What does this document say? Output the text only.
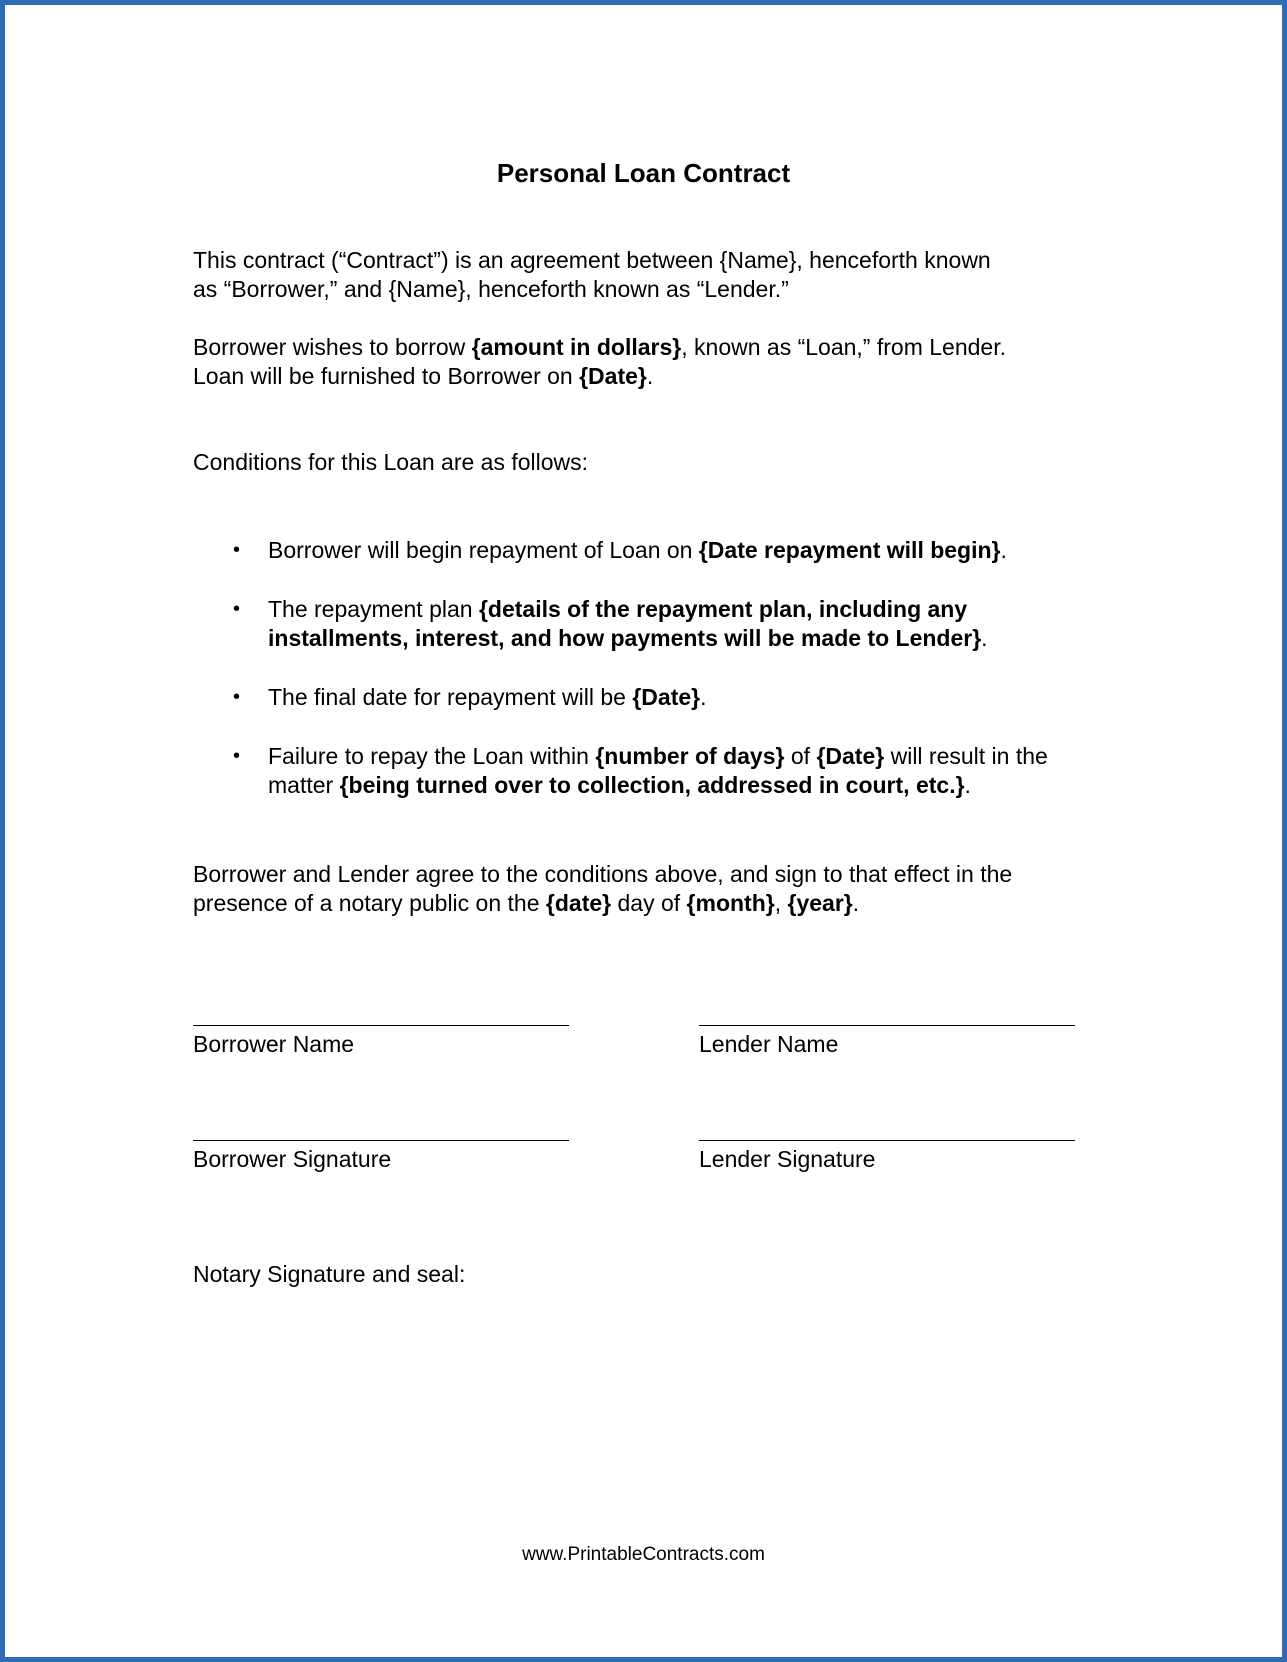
Personal Loan Contract

This contract (“Contract”) is an agreement between {Name}, henceforth known
as “Borrower,” and {Name}, henceforth known as “Lender.”

Borrower wishes to borrow {amount in dollars}, known as “Loan,” from Lender.
Loan will be furnished to Borrower on {Date}.

Conditions for this Loan are as follows:

• Borrower will begin repayment of Loan on {Date repayment will begin}.
• The repayment plan {details of the repayment plan, including any installments, interest, and how payments will be made to Lender}.
• The final date for repayment will be {Date}.
• Failure to repay the Loan within {number of days} of {Date} will result in the matter {being turned over to collection, addressed in court, etc.}.

Borrower and Lender agree to the conditions above, and sign to that effect in the
presence of a notary public on the {date} day of {month}, {year}.

Borrower Name	Lender Name
Borrower Signature	Lender Signature

Notary Signature and seal:

www.PrintableContracts.com
